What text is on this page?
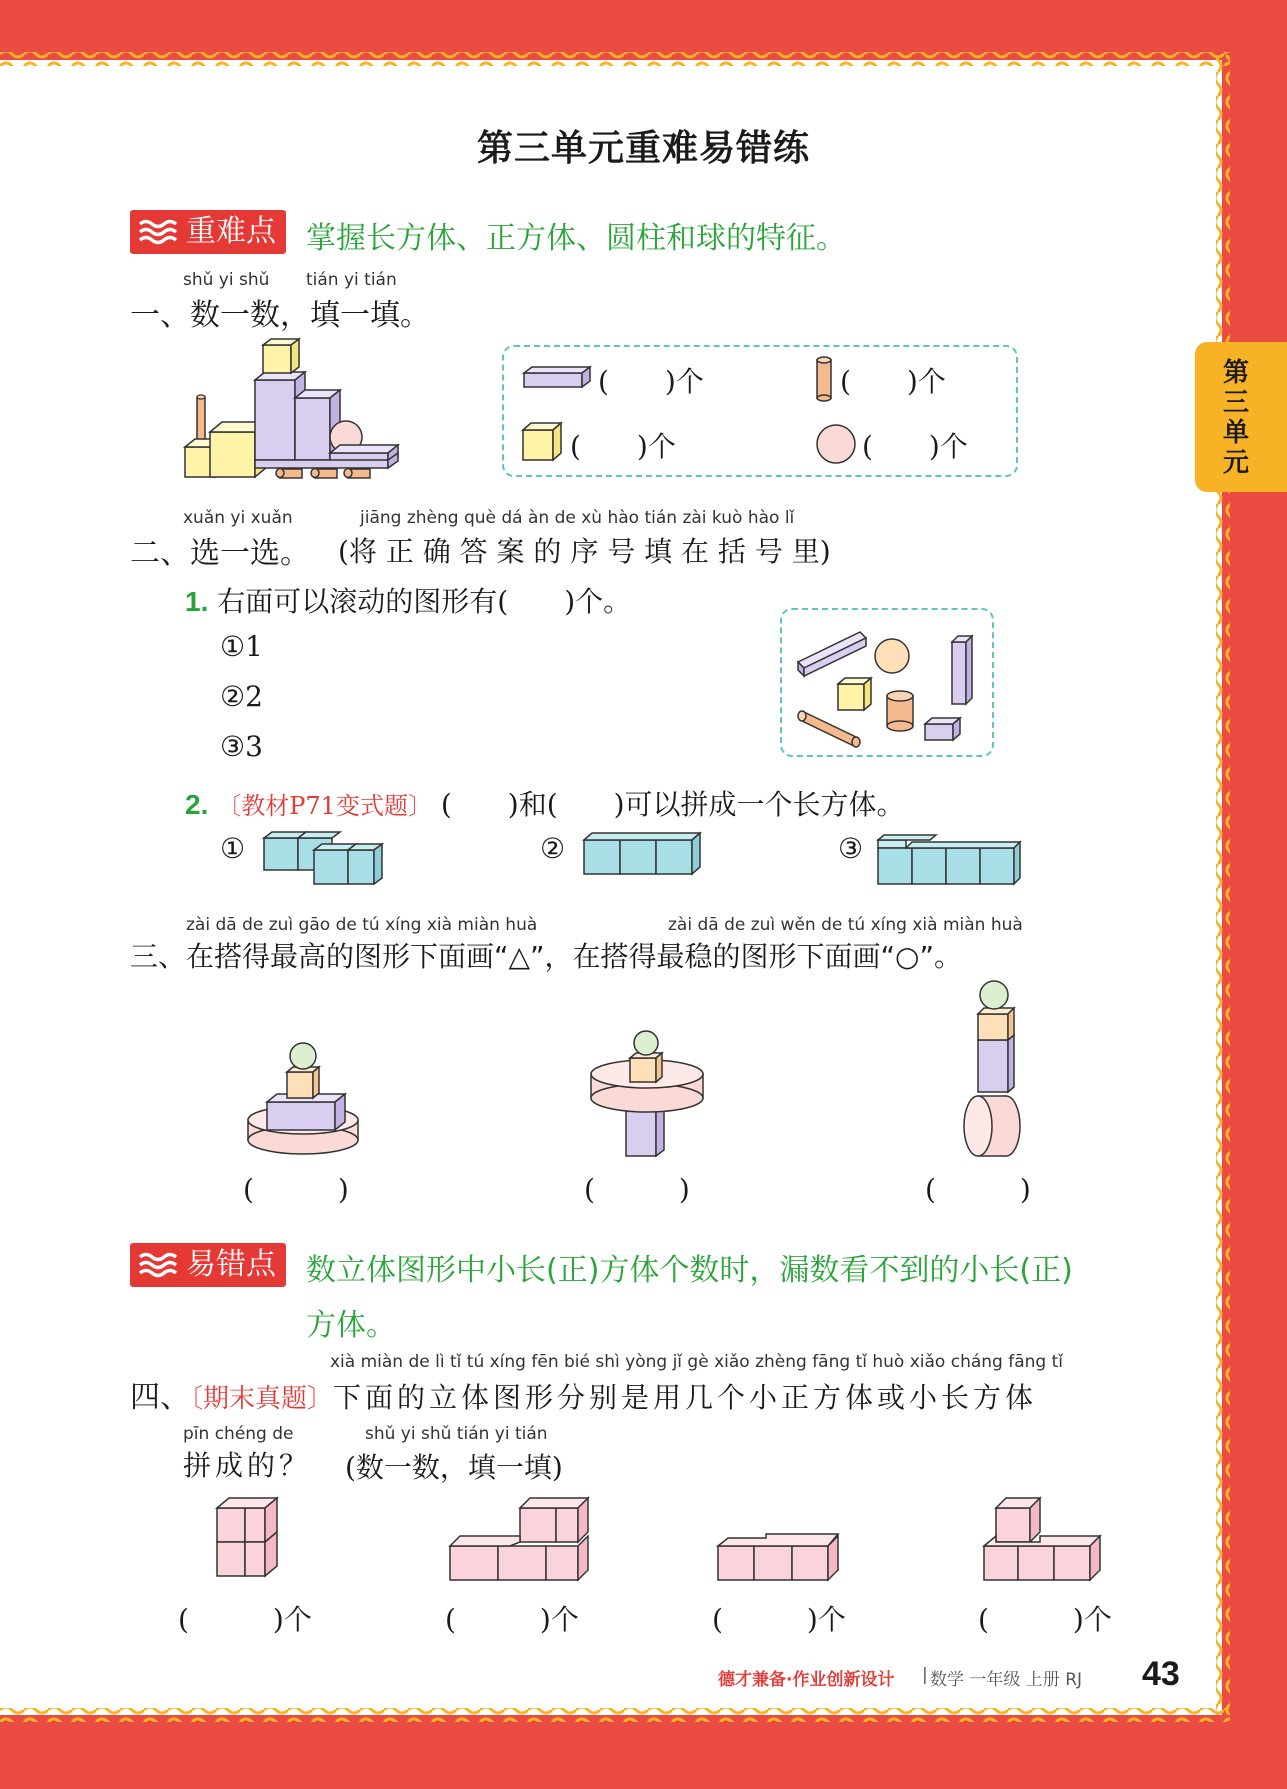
第三单元
第三单元重难易错练
重难点	掌握长方体、正方体、圆柱和球的特征。
shǔ yi shǔ tián yi tián
一、数一数，填一填。
(　　)个	(　　)个
(　　)个	(　　)个
xuǎn yi xuǎn	jiāng zhèng què dá àn de xù hào tián zài kuò hào lǐ
二、选一选。 (将 正 确 答 案 的 序 号 填 在 括 号 里)
1. 右面可以滚动的图形有(　　)个。
①1
②2
③3
2. 〔教材P71变式题〕 (　　)和(　　)可以拼成一个长方体。
①	②	③
zài dā de zuì gāo de tú xíng xià miàn huà	zài dā de zuì wěn de tú xíng xià miàn huà
三、在搭得最高的图形下面画“△”，在搭得最稳的图形下面画“○”。
(　　　)	(　　　)	(　　　)
易错点	数立体图形中小长(正)方体个数时，漏数看不到的小长(正)
方体。
xià miàn de lì tǐ tú xíng fēn bié shì yòng jǐ gè xiǎo zhèng fāng tǐ huò xiǎo cháng fāng tǐ
四、〔期末真题〕下面的立体图形分别是用几个小正方体或小长方体
pīn chéng de	shǔ yi shǔ tián yi tián
拼成的？ (数一数，填一填)
(　　　)个	(　　　)个	(　　　)个	(　　　)个
德才兼备·作业创新设计 | 数学 一年级 上册 RJ 43
